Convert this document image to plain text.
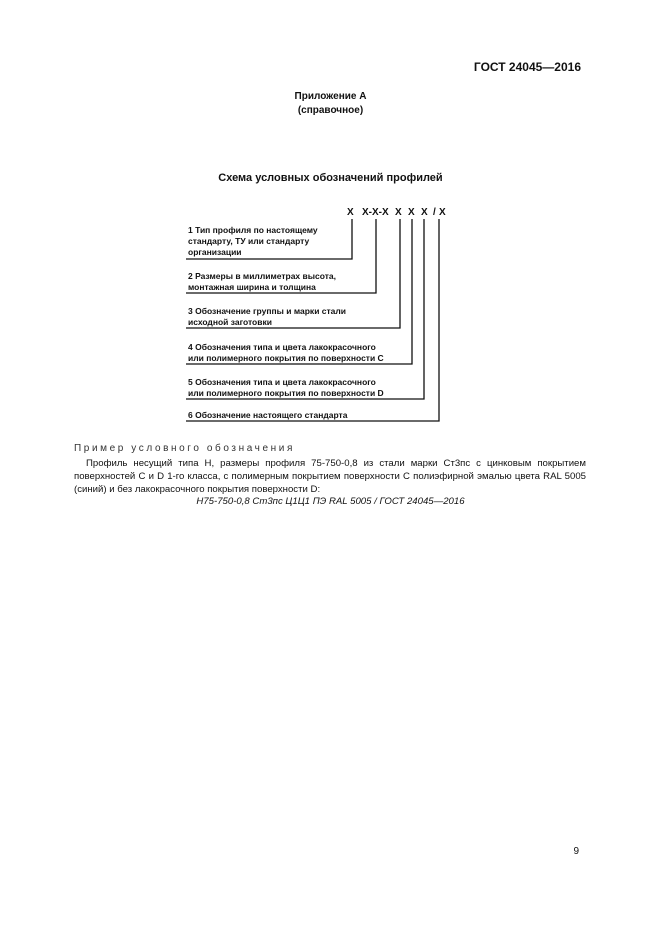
ГОСТ 24045—2016
Приложение А
(справочное)
Схема условных обозначений профилей
X X-X-X X X X / X
1 Тип профиля по настоящему
стандарту, ТУ или стандарту
организации
2 Размеры в миллиметрах высота,
монтажная ширина и толщина
3 Обозначение группы и марки стали
исходной заготовки
4 Обозначения типа и цвета лакокрасочного
или полимерного покрытия по поверхности C
5 Обозначения типа и цвета лакокрасочного
или полимерного покрытия по поверхности D
6 Обозначение настоящего стандарта
Пример условного обозначения
Профиль несущий типа Н, размеры профиля 75-750-0,8 из стали марки Ст3пс с цинковым покрытием поверхностей C и D 1-го класса, с полимерным покрытием поверхности C полиэфирной эмалью цвета RAL 5005 (синий) и без лакокрасочного покрытия поверхности D:
Н75-750-0,8 Ст3пс Ц1Ц1 ПЭ RAL 5005 / ГОСТ 24045—2016
9
